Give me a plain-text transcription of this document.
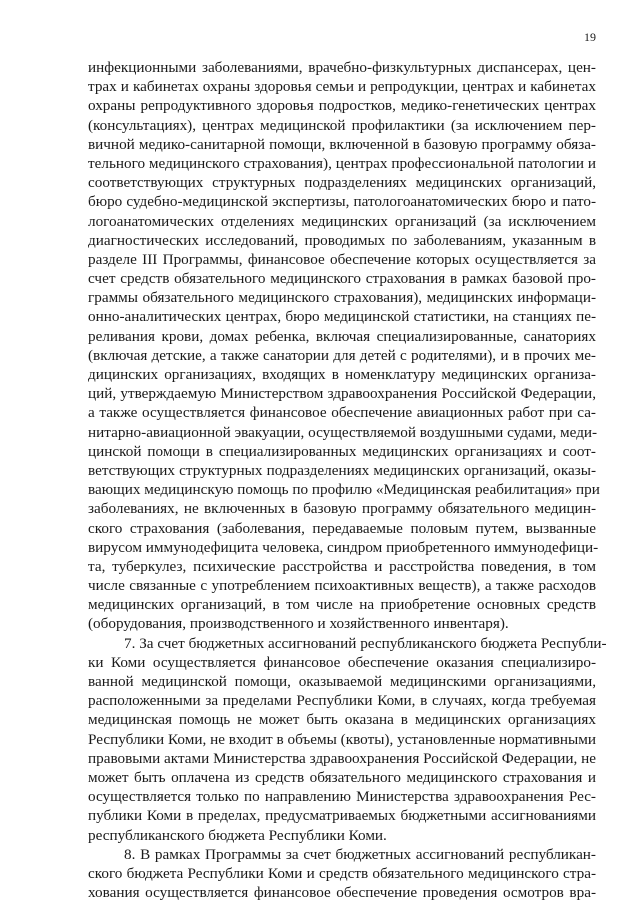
19
инфекционными заболеваниями, врачебно-физкультурных диспансерах, цен-
трах и кабинетах охраны здоровья семьи и репродукции, центрах и кабинетах
охраны репродуктивного здоровья подростков, медико-генетических центрах
(консультациях), центрах медицинской профилактики (за исключением пер-
вичной медико-санитарной помощи, включенной в базовую программу обяза-
тельного медицинского страхования), центрах профессиональной патологии и
соответствующих структурных подразделениях медицинских организаций,
бюро судебно-медицинской экспертизы, патологоанатомических бюро и пато-
логоанатомических отделениях медицинских организаций (за исключением
диагностических исследований, проводимых по заболеваниям, указанным в
разделе III Программы, финансовое обеспечение которых осуществляется за
счет средств обязательного медицинского страхования в рамках базовой про-
граммы обязательного медицинского страхования), медицинских информаци-
онно-аналитических центрах, бюро медицинской статистики, на станциях пе-
реливания крови, домах ребенка, включая специализированные, санаториях
(включая детские, а также санатории для детей с родителями), и в прочих ме-
дицинских организациях, входящих в номенклатуру медицинских организа-
ций, утверждаемую Министерством здравоохранения Российской Федерации,
а также осуществляется финансовое обеспечение авиационных работ при са-
нитарно-авиационной эвакуации, осуществляемой воздушными судами, меди-
цинской помощи в специализированных медицинских организациях и соот-
ветствующих структурных подразделениях медицинских организаций, оказы-
вающих медицинскую помощь по профилю «Медицинская реабилитация» при
заболеваниях, не включенных в базовую программу обязательного медицин-
ского страхования (заболевания, передаваемые половым путем, вызванные
вирусом иммунодефицита человека, синдром приобретенного иммунодефици-
та, туберкулез, психические расстройства и расстройства поведения, в том
числе связанные с употреблением психоактивных веществ), а также расходов
медицинских организаций, в том числе на приобретение основных средств
(оборудования, производственного и хозяйственного инвентаря).
7. За счет бюджетных ассигнований республиканского бюджета Республи-
ки Коми осуществляется финансовое обеспечение оказания специализиро-
ванной медицинской помощи, оказываемой медицинскими организациями,
расположенными за пределами Республики Коми, в случаях, когда требуемая
медицинская помощь не может быть оказана в медицинских организациях
Республики Коми, не входит в объемы (квоты), установленные нормативными
правовыми актами Министерства здравоохранения Российской Федерации, не
может быть оплачена из средств обязательного медицинского страхования и
осуществляется только по направлению Министерства здравоохранения Рес-
публики Коми в пределах, предусматриваемых бюджетными ассигнованиями
республиканского бюджета Республики Коми.
8. В рамках Программы за счет бюджетных ассигнований республикан-
ского бюджета Республики Коми и средств обязательного медицинского стра-
хования осуществляется финансовое обеспечение проведения осмотров вра-
